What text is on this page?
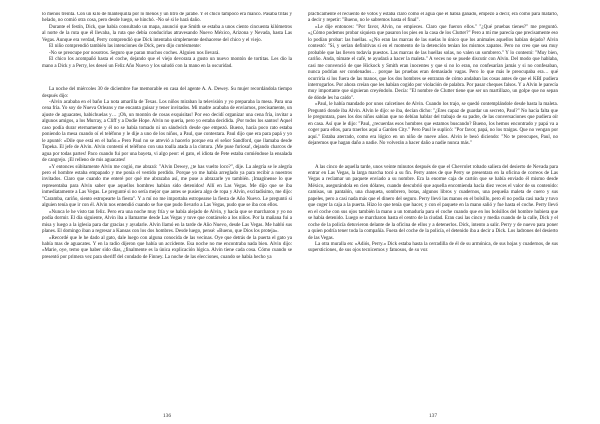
lo menos treinta. Con un kilo de mantequilla por lo menos y un litro de jarabe. Y el chico tampoco era manco. Pasaba tritas y helado, no comió otra cosa, pero desde luego, se hinchó. -No sé si le hará daño.

Durante el festín, Dick, que había consultado un mapa, anunció que Smith se estaba a unos ciento cincuenta kilómetros al norte de la ruta que él llevaba, la ruta que debía conducirlas atravesando Nuevo México, Arizona y Nevada, hasta Las Vegas. Aunque era verdad, Perry comprendió que Dick intentaba simplemente deshacerse del chico y el viejo.

El niño comprendió también las intenciones de Dick, pero dijo cortésmente:

-No se preocupe por nosotros. Seguro que paran muchos coches. Alguien nos llevará.

El chico los acompañó hasta el coche, dejando que el viejo devorara a gusto un nuevo montón de tortitas. Les dio la mano a Dick y a Perry, les deseó un Feliz Año Nuevo y los saludó con la mano en la oscuridad.

La noche del miércoles 30 de diciembre fue memorable en casa del agente A. A. Dewey. Su mujer recordándola tiempo después dijo:

-Alvin acababa en el baño La nota amarilla de Texas. Los niños miraban la televisión y yo preparaba la mesa. Para una cena fría. Yo soy de Nueva Orleans y me encanta guisar y tener invitados. Mi madre acababa de enviarnos, precisamente, un ajuste de aguacates, habichuelas y… ¡Oh, un montón de cosas exquisitas! Por eso decidí organizar una cena fría, invitar a algunos amigos, a los Murray, a Cliff y a Dodie Hope. Alvin no quería, pero yo estaba decidida. ¡Por todos los santos! Aquel caso podía durar eternamente y él no se había tomado ni un sándwich desde que empezó. Bueno, hacía poco rato estaba poniendo la mesa cuando oí el teléfono y le dije a uno de los niños, a Paul, que contestara. Paul dijo que era para papá y yo le apunté: «Dile que está en el baño.» Pero Paul no se atrevió a hacerlo porque era el señor Sandford, que llamaba desde Topeka. El jefe de Alvin. Alvin contestó el teléfono con una toalla atada a la cintura. ¡Me puse furiosa!, dejando charcos de agua por todas partes! Paco cuando fui por una bayeta, vi algo peor: el gato, el idiota de Pete estaba comiéndose la ensalada de cangrejo. ¡El relleno de mis aguacates!

»Y entonces súbitamente Alvin me cogió, me abrazó: "Alvin Dewey, ¿te has vuelto loco?", dije. La alegría se le alegría pero el hombre estaba empapado y me ponía el vestido perdido. Porque yo me había arreglado ya para recibir a nuestros invitados. Claro que cuando me enteré por qué me abrazaba así, me puse a abrazarle yo también. ¡Imagínense lo que representaba para Alvin saber que aquellos hombres habían sido detenidos! Allí en Las Vegas. Me dijo que se iba inmediatamente a Las Vegas. Le pregunté si no sería mejor que antes se pusiera algo de ropa y Alvin, excitadísimo, me dijo: "Caramba, cariño, siento estropearte la fiesta". Y a mí no me importaba estropearse la fiesta de Año Nuevo. Le preguntó si alguien tenía que ir con él. Alvin nos entendió cuando se fue que pudo llevarlo a Las Vegas, pudo que se iba con ellos.

»Nunca le he visto tan feliz. Pero era una noche muy fría y se había alejado de Alvin, y hacía que se marcharon y yo no podía dormir. El día siguiente, Alvin iba a llamarme desde Las Vegas y tuve que contárselo a los niños. Por la mañana fui a misa y luego a la iglesia para dar gracias y ayudarle. Alvin llamó en la tarde de Año Nuevo, desde Las Vegas. Me habló sus planes. El domingo iban a regresar a Kansas con los dos hombres. Desde luego, pensé: «Bueno, que Dios los proteja».

»Recordé que le he dado al gato, dale luego con alguna conocida de las vecinas. Oye que detrás de la puerta el gato ya había mas de aguacates. Y en la radio dijeron que había un accidente. Esa noche no me encontraba nada bien. Alvin dijo: «Marie, oye, temo que haber sido días, ¿finalmente es la única explicación lógica. Alvin tiene cada cosa. Cómo cuando se presentó por primera vez para sheriff del condado de Finney. La noche de las elecciones, cuando se había hecho ya

prácticamente el recuento de votos y estaba claro como el agua que él había ganado, empezó a decir, era como para matarlo, a decir y repetir: "Bueno, no le sabremos hasta el final".

»Le dije entonces: "Por favor, Alvin, no empieces. Claro que fueron ellos." "¿Qué pruebas tienes?" me preguntó. «¿Cómo podemos probar siquiera que pasaron los pies en la casa de los Clutter?" Pero a mí me parecía que precisamente eso lo podían probar: las huellas. «¿No eran las marcas de las suelas lo único que los animales aquellos habían dejado? Alvin contestó: "Sí, y serían definitivas si en el momento de la detención tenían los mismos zapatos. Pero no creo que sea muy probable que las lleven todavía puestos. Las marcas de las huellas solas, no valen un sombrero." Y lo contestó: "Muy bien, cariño. Anda, túmate el café, te ayudará a hacer la maleta." A veces no se puede discutir con Alvin. Del modo que hablaba, casi me convenció de que Hickock y Smith eran inocentes y que si no lo eran, no confesarían jamás y si no confesaban, nunca podrían ser condenados… porque las pruebas eran demasiado vagas. Pero lo que más le preocupaba era… qué ocurriría si los fuera de las manos, que los dos hombres se entraran de cómo andaban las cosas antes de que el KBI pudiera interrogarlos. Por ahora creían que les habían cogido por violación de palabra. Por pasar cheques falsos. Y a Alvin le parecía muy importante que siguieran creyéndolo. Decía: "El nombre de Clutter tiene que ser un martillazo, un golpe que no sepan de dónde les ha caído".

»Paul, le había mandado por unos calcetines de Alvin. Cuando los trajo, se quedó contemplándole desde hasta la maleta. Preguntó donde iba Alvin. Alvin le dijo: se iba, decían dicho: "¿Eres capaz de guardar un secreto, Paul?" No hacía falta que le preguntara, pues los dos niños sabían que no debían hablar del trabajo de su padre, de las conversaciones que pudiera oír en casa. Así que le dijo: "Paul, ¿recuerdas esos hombres que estamos buscando? Bueno, los hemos encontrado y papá va a coger para ellos, para traerlos aquí a Garden City." Pero Paul le suplicó: "Por favor, papá, no los traigas. Que no vengan por aquí." Estaba aterrado, como era lógico en un niño de nueve años. Alvin le besó diciendo: "No te preocupes, Paul, no dejaremos que hagan daño a nadie. No volverán a hacer daño a nadie nunca más."

A las cinco de aquella tarde, unos veinte minutos después de que el Chevrolet robado saliera del desierto de Nevada para entrar en Las Vegas, la larga marcha tocó a su fin. Perry antes de que Perry se presentara en la oficina de correos de Las Vegas a reclamar un paquete enviado a su nombre. Era la enorme caja de cartón que se había enviado él mismo desde México, asegurándola en cien dólares, cuando descubrió que aquella encomienda hacía diez veces el valor de su contenido: camisas, un pantalón, una chaqueta, sombrero, botas, algunos libros y cuadernos, una pequeña maleta de cuero y sus papeles, pero a casi nada más que el dinero del seguro. Perry llevó las manos en el bolsillo, pero él no podía casi nada y tuvo que coger la caja a la puerta. Hizo lo que tenía que hacer, y con el paquete en la mano salió y fue hasta el coche. Perry llevó en el coche con sus ojos también la mano a un tomaduría para el coche cuando que en los bolsillos del hombre hubiera que se había detenido. Luego se marcharon hasta el centro de la ciudad. Eran casi las cinco y media cuando de la calle, Dick y el coche de la policía detuvieron delante de la oficina de ellos y a detenerlos. Dick, intento a salir. Perry y de nuevo para poner a quien podría tener toda la compañía. Fuera del coche de la policía, el detenido iba a decir a Dick. Los ladrones del desierto de las Vegas.

La otra muralla en: «Adiós, Perry.» Dick estaba hasta la cerradilla de él de su armónica, de sus hojas y cuadernos, de sus supersticiones, de sus ojos tecnicemos y fatuosos, de su voz

136	137
